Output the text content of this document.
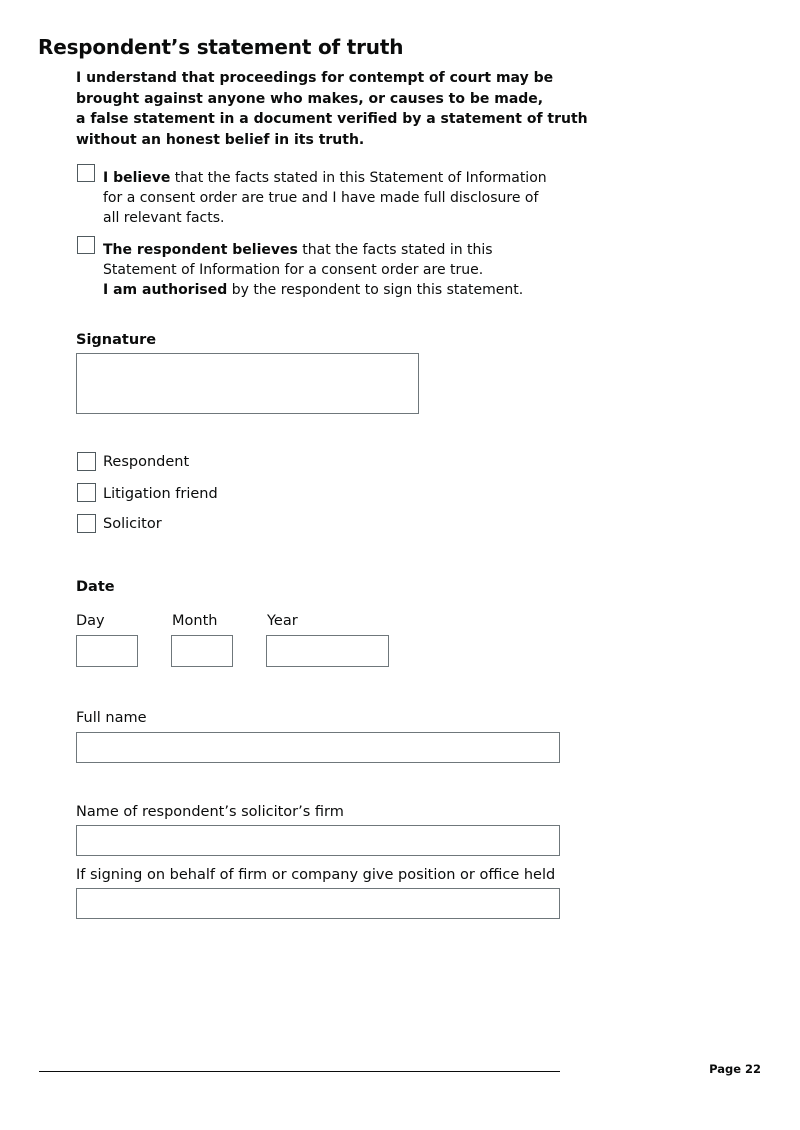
Respondent’s statement of truth
I understand that proceedings for contempt of court may be
brought against anyone who makes, or causes to be made,
a false statement in a document verified by a statement of truth
without an honest belief in its truth.
I believe that the facts stated in this Statement of Information
for a consent order are true and I have made full disclosure of
all relevant facts.
The respondent believes that the facts stated in this
Statement of Information for a consent order are true.
I am authorised by the respondent to sign this statement.
Signature
Respondent
Litigation friend
Solicitor
Date
Day	Month	Year
Full name
Name of respondent’s solicitor’s firm
If signing on behalf of firm or company give position or office held
Page 22
